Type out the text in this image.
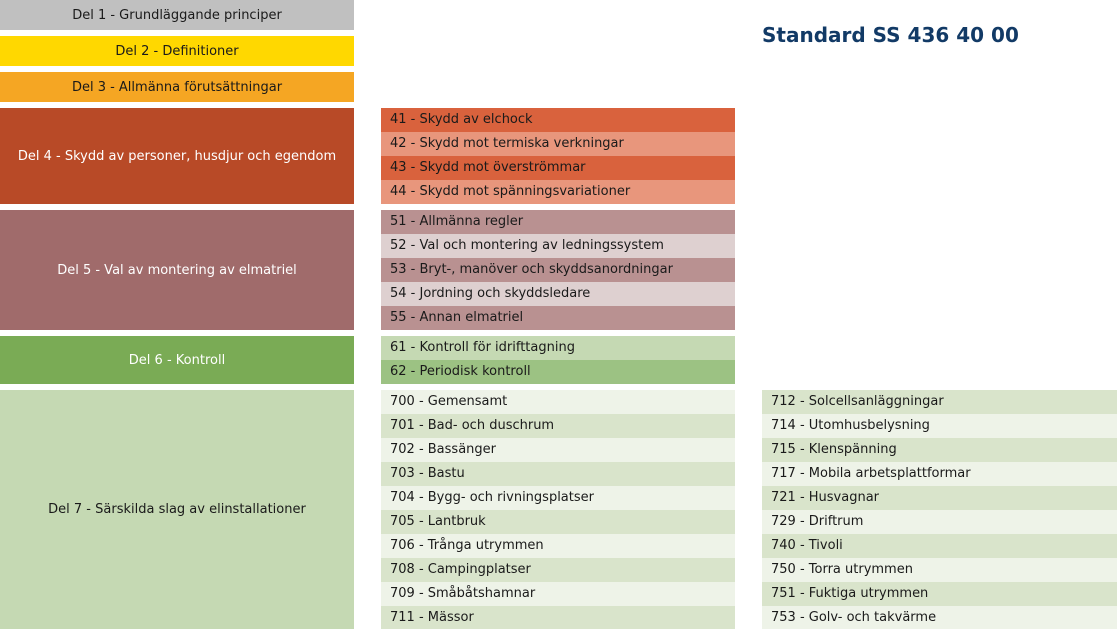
Standard SS 436 40 00
Del 1 - Grundläggande principer
Del 2 - Definitioner
Del 3 - Allmänna förutsättningar
Del 4 - Skydd av personer, husdjur och egendom
Del 5 - Val av montering av elmatriel
Del 6 - Kontroll
Del 7 - Särskilda slag av elinstallationer
41 - Skydd av elchock
42 - Skydd mot termiska verkningar
43 - Skydd mot överströmmar
44 - Skydd mot spänningsvariationer
51 - Allmänna regler
52 - Val och montering av ledningssystem
53 - Bryt-, manöver och skyddsanordningar
54 - Jordning och skyddsledare
55 - Annan elmatriel
61 - Kontroll för idrifttagning
62 - Periodisk kontroll
700 - Gemensamt
701 - Bad- och duschrum
702 - Bassänger
703 - Bastu
704 - Bygg- och rivningsplatser
705 - Lantbruk
706 - Trånga utrymmen
708 - Campingplatser
709 - Småbåtshamnar
711 - Mässor
712 - Solcellsanläggningar
714 - Utomhusbelysning
715 - Klenspänning
717 - Mobila arbetsplattformar
721 - Husvagnar
729 - Driftrum
740 - Tivoli
750 - Torra utrymmen
751 - Fuktiga utrymmen
753 - Golv- och takvärme
